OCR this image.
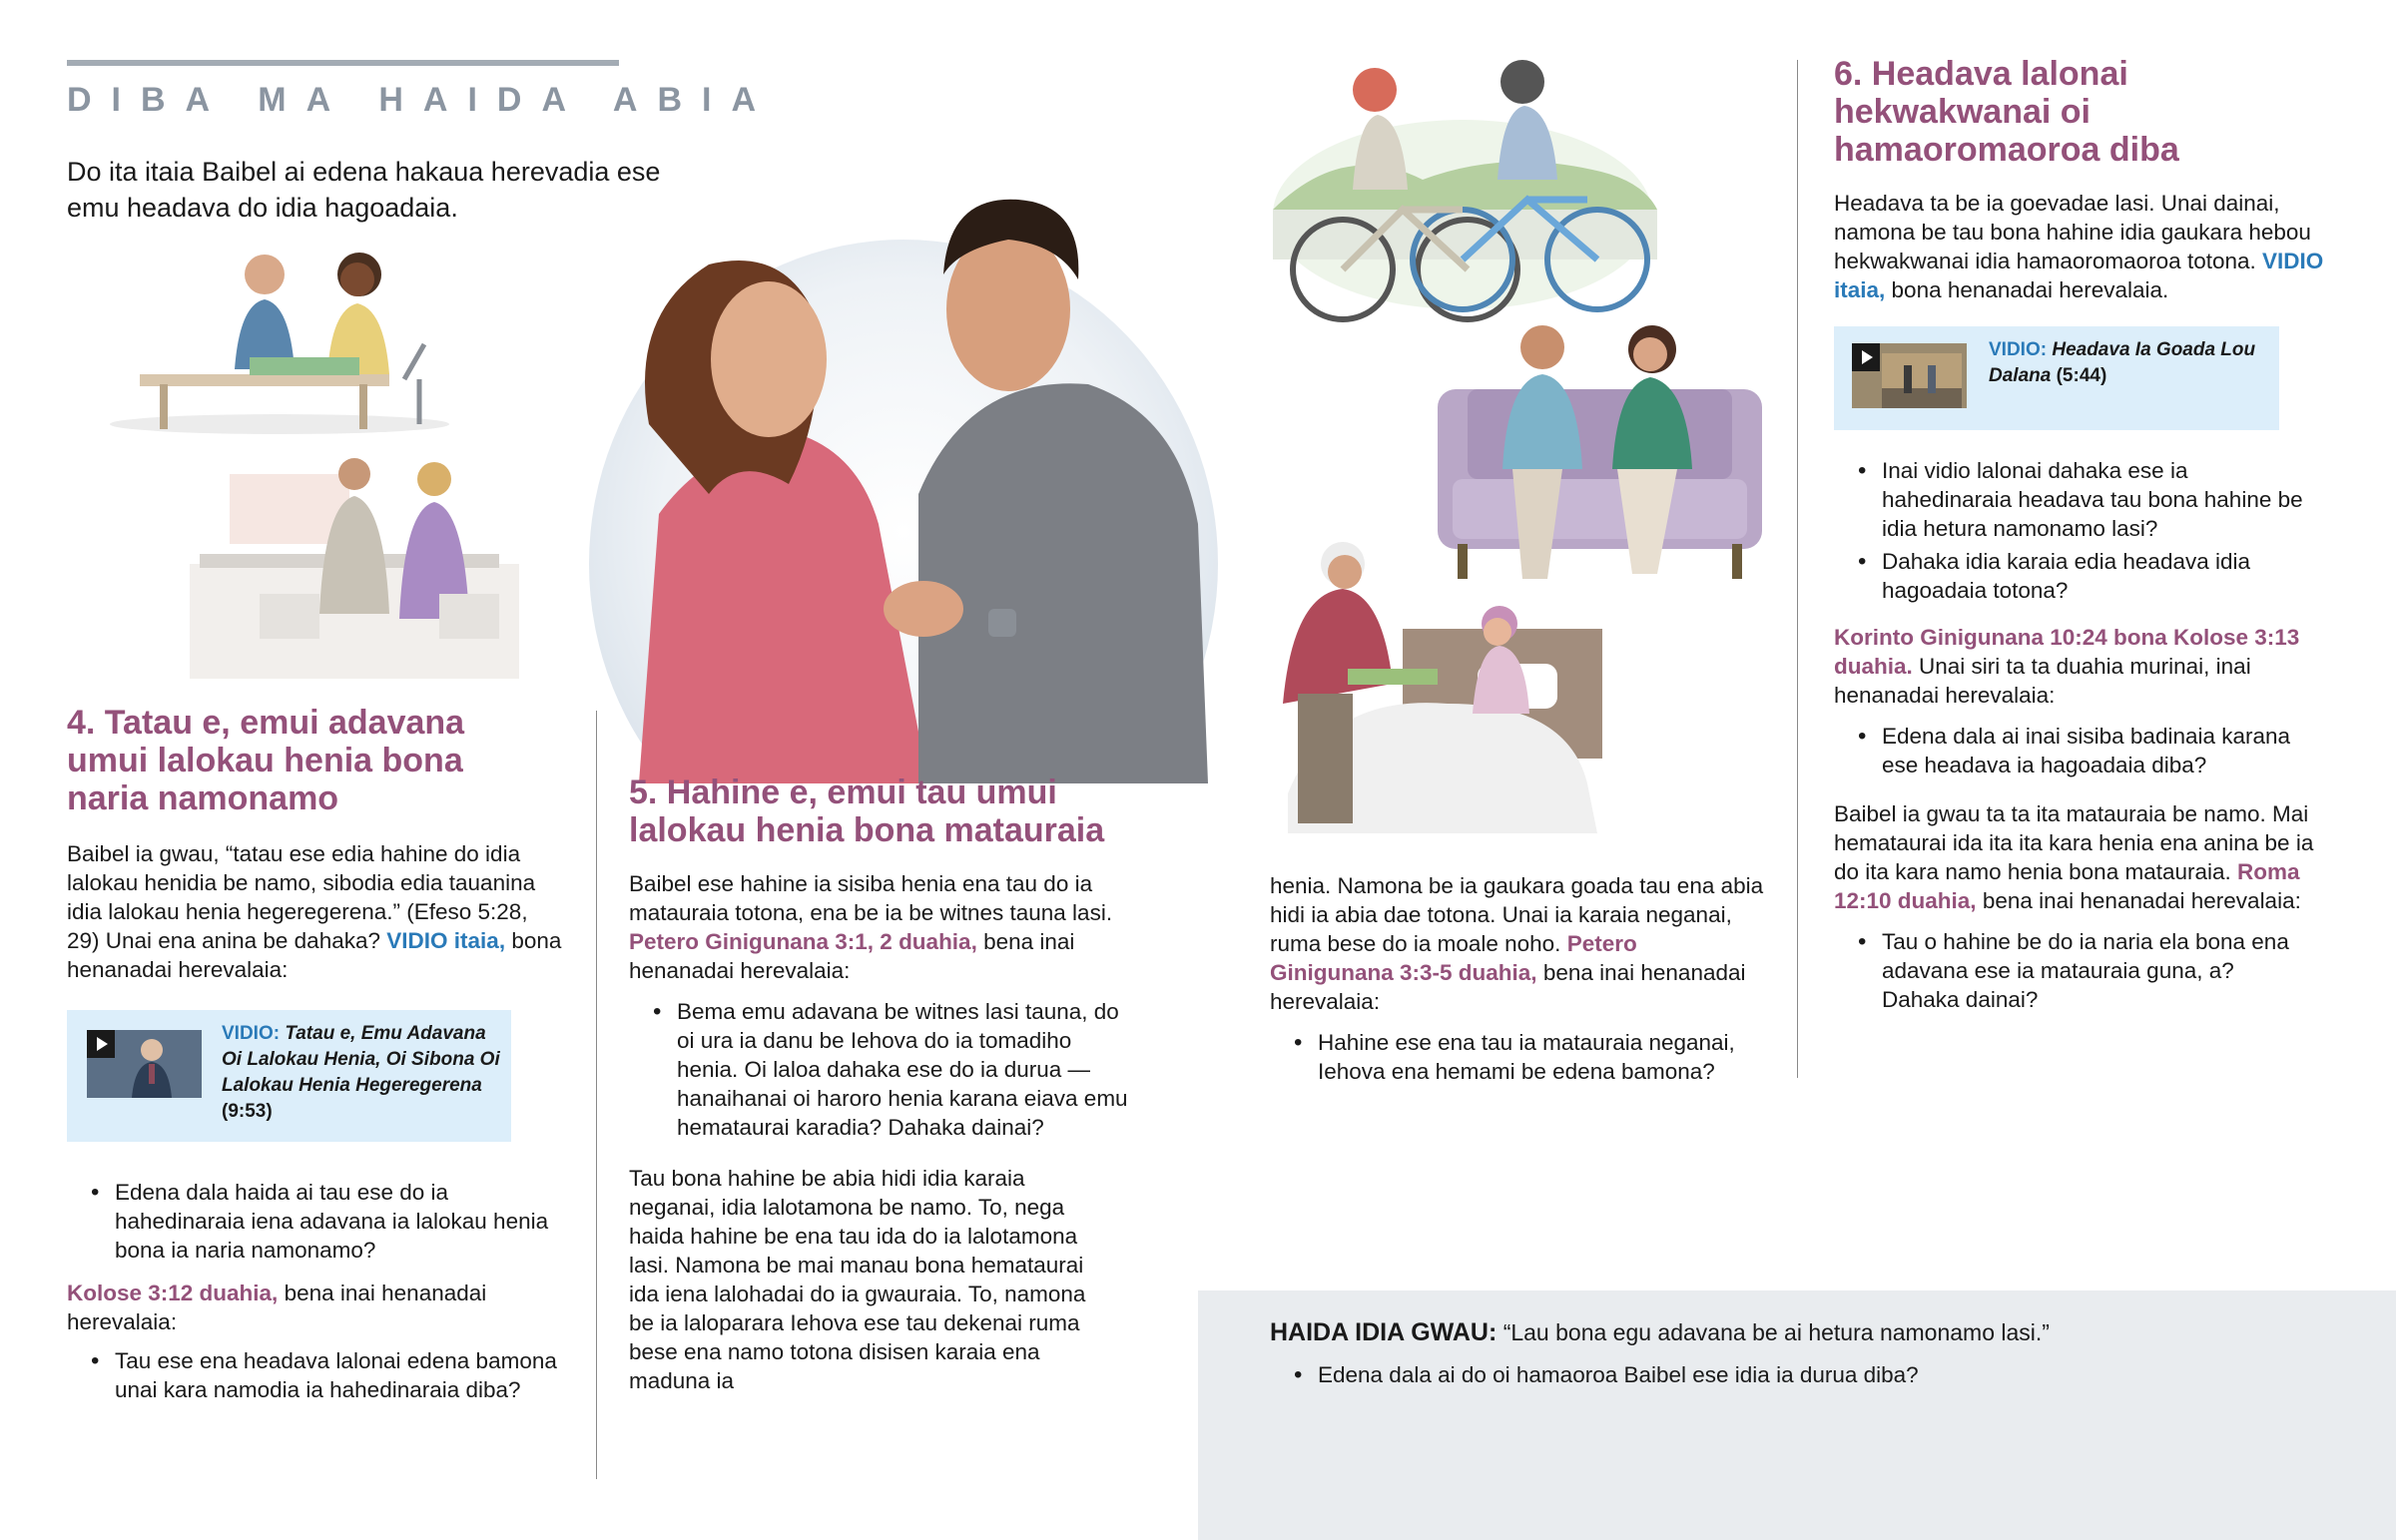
DIBA MA HAIDA ABIA

Do ita itaia Baibel ai edena hakaua herevadia ese emu headava do idia hagoadaia.

4. Tatau e, emui adavana umui lalokau henia bona naria namonamo

Baibel ia gwau, “tatau ese edia hahine do idia lalokau henidia be namo, sibodia edia tauanina idia lalokau henia hegeregerena.” (Efeso 5:28, 29) Unai ena anina be dahaka? VIDIO itaia, bona henanadai herevalaia:

VIDIO: Tatau e, Emu Adavana Oi Lalokau Henia, Oi Sibona Oi Lalokau Henia Hegeregerena (9:53)
• Edena dala haida ai tau ese do ia hahedinaraia iena adavana ia lalokau henia bona ia naria namonamo?

Kolose 3:12 duahia, bena inai henanadai herevalaia:

• Tau ese ena headava lalonai edena bamona unai kara namodia ia hahedinaraia diba?
5. Hahine e, emui tau umui lalokau henia bona matauraia

Baibel ese hahine ia sisiba henia ena tau do ia matauraia totona, ena be ia be witnes tauna lasi. Petero Ginigunana 3:1, 2 duahia, bena inai henanadai herevalaia:

• Bema emu adavana be witnes lasi tauna, do oi ura ia danu be Iehova do ia tomadiho henia. Oi laloa dahaka ese do ia durua —hanaihanai oi haroro henia karana eiava emu hemataurai karadia? Dahaka dainai?

Tau bona hahine be abia hidi idia karaia neganai, idia lalotamona be namo. To, nega haida hahine be ena tau ida do ia lalotamona lasi. Namona be mai manau bona hemataurai ida iena lalohadai do ia gwauraia. To, namona be ia laloparara Iehova ese tau dekenai ruma bese ena namo totona disisen karaia ena maduna ia

henia. Namona be ia gaukara goada tau ena abia hidi ia abia dae totona. Unai ia karaia neganai, ruma bese do ia moale noho. Petero Ginigunana 3:3-5 duahia, bena inai henanadai herevalaia:

• Hahine ese ena tau ia matauraia neganai, Iehova ena hemami be edena bamona?
6. Headava lalonai hekwakwanai oi hamaoromaoroa diba

Headava ta be ia goevadae lasi. Unai dainai, namona be tau bona hahine idia gaukara hebou hekwakwanai idia hamaoromaoroa totona. VIDIO itaia, bona henanadai herevalaia.

VIDIO: Headava Ia Goada Lou Dalana (5:44)
• Inai vidio lalonai dahaka ese ia hahedinaraia headava tau bona hahine be idia hetura namonamo lasi?
• Dahaka idia karaia edia headava idia hagoadaia totona?

Korinto Ginigunana 10:24 bona Kolose 3:13 duahia. Unai siri ta ta duahia murinai, inai henanadai herevalaia:

• Edena dala ai inai sisiba badinaia karana ese headava ia hagoadaia diba?

Baibel ia gwau ta ta ita matauraia be namo. Mai hemataurai ida ita ita kara henia ena anina be ia do ita kara namo henia bona matauraia. Roma 12:10 duahia, bena inai henanadai herevalaia:

• Tau o hahine be do ia naria ela bona ena adavana ese ia matauraia guna, a? Dahaka dainai?

HAIDA IDIA GWAU: “Lau bona egu adavana be ai hetura namonamo lasi.”

• Edena dala ai do oi hamaoroa Baibel ese idia ia durua diba?
